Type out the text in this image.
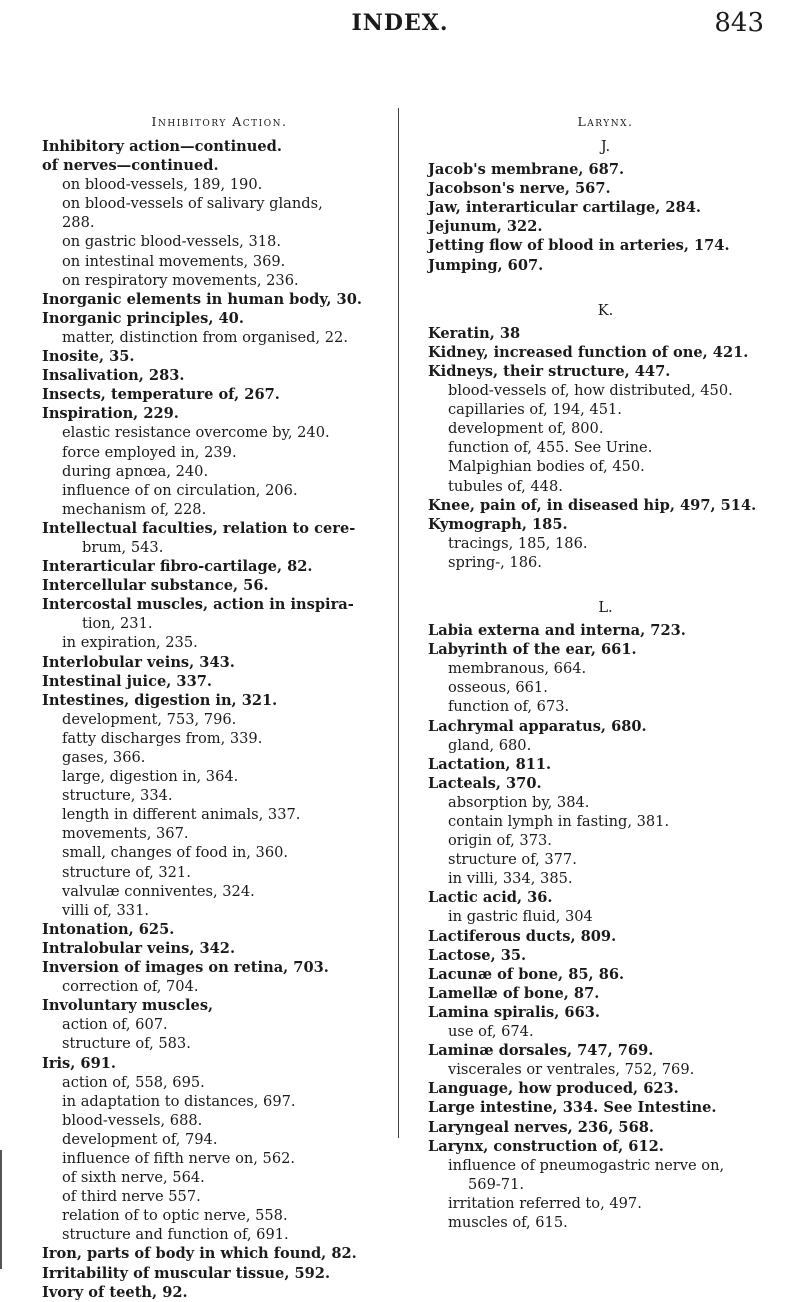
INDEX.	843
Inhibitory Action.
Inhibitory action—continued.
of nerves—continued.
on blood-vessels, 189, 190.
on blood-vessels of salivary glands,
288.
on gastric blood-vessels, 318.
on intestinal movements, 369.
on respiratory movements, 236.
Inorganic elements in human body, 30.
Inorganic principles, 40.
matter, distinction from organised, 22.
Inosite, 35.
Insalivation, 283.
Insects, temperature of, 267.
Inspiration, 229.
elastic resistance overcome by, 240.
force employed in, 239.
during apnœa, 240.
influence of on circulation, 206.
mechanism of, 228.
Intellectual faculties, relation to cere-
brum, 543.
Interarticular fibro-cartilage, 82.
Intercellular substance, 56.
Intercostal muscles, action in inspira-
tion, 231.
in expiration, 235.
Interlobular veins, 343.
Intestinal juice, 337.
Intestines, digestion in, 321.
development, 753, 796.
fatty discharges from, 339.
gases, 366.
large, digestion in, 364.
structure, 334.
length in different animals, 337.
movements, 367.
small, changes of food in, 360.
structure of, 321.
valvulæ conniventes, 324.
villi of, 331.
Intonation, 625.
Intralobular veins, 342.
Inversion of images on retina, 703.
correction of, 704.
Involuntary muscles,
action of, 607.
structure of, 583.
Iris, 691.
action of, 558, 695.
in adaptation to distances, 697.
blood-vessels, 688.
development of, 794.
influence of fifth nerve on, 562.
of sixth nerve, 564.
of third nerve 557.
relation of to optic nerve, 558.
structure and function of, 691.
Iron, parts of body in which found, 82.
Irritability of muscular tissue, 592.
Ivory of teeth, 92.
Larynx.
J.
Jacob's membrane, 687.
Jacobson's nerve, 567.
Jaw, interarticular cartilage, 284.
Jejunum, 322.
Jetting flow of blood in arteries, 174.
Jumping, 607.
K.
Keratin, 38
Kidney, increased function of one, 421.
Kidneys, their structure, 447.
blood-vessels of, how distributed, 450.
capillaries of, 194, 451.
development of, 800.
function of, 455. See Urine.
Malpighian bodies of, 450.
tubules of, 448.
Knee, pain of, in diseased hip, 497, 514.
Kymograph, 185.
tracings, 185, 186.
spring-, 186.
L.
Labia externa and interna, 723.
Labyrinth of the ear, 661.
membranous, 664.
osseous, 661.
function of, 673.
Lachrymal apparatus, 680.
gland, 680.
Lactation, 811.
Lacteals, 370.
absorption by, 384.
contain lymph in fasting, 381.
origin of, 373.
structure of, 377.
in villi, 334, 385.
Lactic acid, 36.
in gastric fluid, 304
Lactiferous ducts, 809.
Lactose, 35.
Lacunæ of bone, 85, 86.
Lamellæ of bone, 87.
Lamina spiralis, 663.
use of, 674.
Laminæ dorsales, 747, 769.
viscerales or ventrales, 752, 769.
Language, how produced, 623.
Large intestine, 334. See Intestine.
Laryngeal nerves, 236, 568.
Larynx, construction of, 612.
influence of pneumogastric nerve on,
569-71.
irritation referred to, 497.
muscles of, 615.
